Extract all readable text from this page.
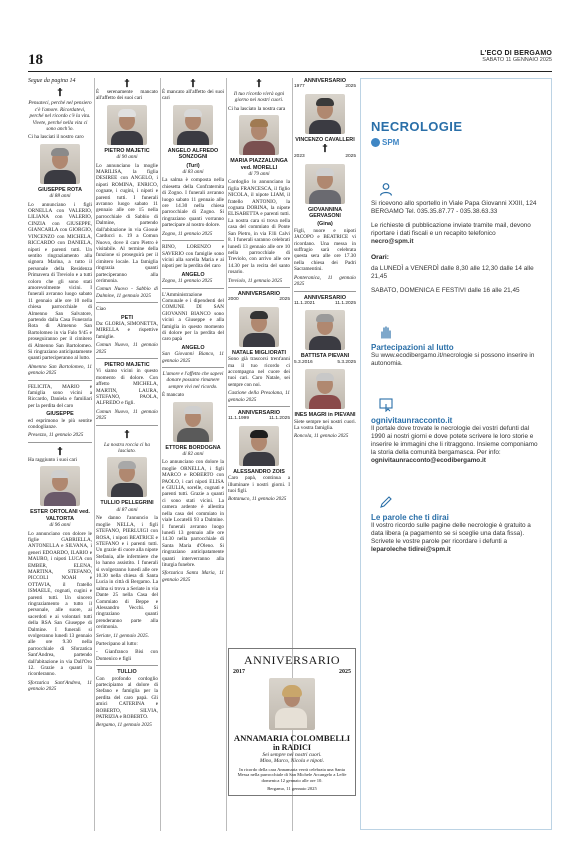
18	L'ECO DI BERGAMO
SABATO 11 GENNAIO 2025
Segue da pagina 14
†
Pensateci, perché nel pensiero c'è l'amore. Ricordatevi, perché nel ricordo c'è la vita. Vivete, perché nella vita ci sono anch'io.
Ci ha lasciati il nostro caro
GIUSEPPE ROTA
di 88 anni
Lo annunciano i figli ORNELLA con VALERIO, LILIANA con VALERIO, CINZIA con GIUSEPPE, GIANCARLA con GIORGIO, VINCENZO con MICHELA, RICCARDO con DANIELA, nipoti e parenti tutti. Un sentito ringraziamento alla signora Marina, a tutto il personale della Residenza Primavera di Treviolo e a tutti coloro che gli sono stati amorevolmente vicini. I funerali avranno luogo sabato 11 gennaio alle ore 10 nella chiesa parrocchiale di Almenno San Salvatore, partendo dalla Casa Funeraria Rota di Almenno San Bartolomeo in via Falo 9/45 e proseguiranno per il cimitero di Almenno San Bartolomeo. Si ringraziano anticipatamente quanti parteciperanno al lutto.
Almenno San Bartolomeo, 11 gennaio 2025
FELICITA, MARIO e famiglia sono vicini a Riccardo, Daniela e familiari per la perdita del caro
GIUSEPPE
ed esprimono le più sentite condoglianze.
Presezzo, 11 gennaio 2025
†
Ha raggiunto i suoi cari
ESTER ORTOLANI ved. VALTORTA
di 96 anni
Lo annunciano con dolore le figlie GABRIELLA, ANTONELLA e SILVANA, i generi EDOARDO, ILARIO e MAURO, i nipoti LUCA con EMBER, ELENA, MARTINA, STEFANO, PICCOLI NOAH e OTTAVIA, il fratello ISMAELE, cognati, cugini e parenti tutti. Un sincero ringraziamento a tutto il personale, alle suore, ai sacerdoti e ai volontari tutti della RSA San Giuseppe di Dalmine. I funerali si svolgeranno lunedì 13 gennaio alle ore 9.30 nella parrocchiale di Sforzatica Sant'Andrea, partendo dall'abitazione in via Dall'Oro 12. Grazie a quanti la ricorderanno.
Sforzatica Sant'Andrea, 11 gennaio 2025
†
È serenamente mancato all'affetto dei suoi cari
PIETRO MAJETIC
di 90 anni
Lo annunciano la moglie MARILISA, la figlia DESIREE con ANGELO, i nipoti ROMINA, ENRICO, cognate, i cugini, i nipoti e parenti tutti. I funerali avranno luogo sabato 11 gennaio alle ore 15 nella parrocchiale di Sabbio di Dalmine, partendo dall'abitazione in via Giosuè Carducci n. 19 a Comun Nuovo, dove il caro Pietro è visitabile. Al termine della funzione si proseguirà per il cimitero locale. La famiglia ringrazia quanti parteciperanno alla cerimonia.
Comun Nuovo - Sabbio di Dalmine, 11 gennaio 2025
Ciao
PETI
Da: GLORIA, SIMONETTA, MIRELLA e rispettive famiglie.
Comun Nuovo, 11 gennaio 2025
PIETRO MAJETIC
Vi siamo vicini in questo momento di dolore. Con affetto MICHELA, MARTIN, LAURA, STEFANO, PAOLA, ALFREDO e figli.
Comun Nuovo, 11 gennaio 2025
†
La nostra roccia ci ha lasciato.
TULLIO PELLEGRINI
di 87 anni
Ne danno l'annuncio la moglie NELLA, i figli STEFANO, PIERLUIGI con ROSA, i nipoti BEATRICE e STEFANO e i parenti tutti. Un grazie di cuore alla nipote Stefania, alle infermiere che lo hanno assistito. I funerali si svolgeranno lunedì alle ore 10.30 nella chiesa di Santa Lucia in città di Bergamo. La salma si trova a Seriate in via Dante 25 nella Casa del Commiato di Beppe e Alessandro Vecchi. Si ringraziano quanti prenderanno parte alla cerimonia.
Seriate, 11 gennaio 2025.
Partecipano al lutto:
- Gianfranco Bisi con Domenico e figli
TULLIO
Con profondo cordoglio partecipiamo al dolore di Stefano e famiglia per la perdita del caro papà. Gli amici CATERINA e ROBERTO, SILVIA, PATRIZIA e ROBERTO.
Bergamo, 11 gennaio 2025
†
È mancato all'affetto dei suoi cari
ANGELO ALFREDO SONZOGNI
(Turi)
di 83 anni
La salma è composta nella chiesetta della Confraternita di Zogno. I funerali avranno luogo sabato 11 gennaio alle ore 14.30 nella chiesa parrocchiale di Zogno. Si ringraziano quanti vorranno partecipare al nostro dolore.
Zogno, 11 gennaio 2025
RINO, LORENZO e SAVERIO con famiglie sono vicini alla sorella Maria e ai nipoti per la perdita del caro
ANGELO
Zogno, 11 gennaio 2025
L'Amministrazione Comunale e i dipendenti del COMUNE DI SAN GIOVANNI BIANCO sono vicini a Giuseppe e alla famiglia in questo momento di dolore per la perdita del caro papà
ANGELO
San Giovanni Bianco, 11 gennaio 2025
L'amore e l'affetto che sapevi donare possano rimanere sempre vivi nel ricordo.
È mancato
ETTORE BORDOGNA
di 82 anni
Lo annunciano con dolore la moglie ORNELLA, i figli MARCO e ROBERTO con PAOLO, i cari nipoti ELISA e GIULIA, sorelle, cognati e parenti tutti. Grazie a quanti ci sono stati vicini. La camera ardente è allestita nella casa del commiato in viale Locatelli 93 a Dalmine. I funerali avranno luogo lunedì 13 gennaio alle ore 14.30 nella parrocchiale di Santa Maria d'Oleno. Si ringraziano anticipatamente quanti interverranno alla liturgia funebre.
Sforzatica Santa Maria, 11 gennaio 2025
†
Il tuo ricordo vivrà ogni giorno nei nostri cuori.
Ci ha lasciato la nostra cara
MARIA PIAZZALUNGA ved. MORELLI
di 79 anni
Cordoglio lo annunciano la figlia FRANCESCA, il figlio NICOLA, il nipote LIAM, il fratello ANTONIO, la cognata DORINA, la nipote ELISABETTA e parenti tutti. La nostra cara si trova nella casa del commiato di Ponte San Pietro, in via F.lli Calvi 8. I funerali saranno celebrati lunedì 13 gennaio alle ore 10 nella parrocchiale di Treviolo, con arrivo alle ore 14.30 per la recita del santo rosario.
Treviolo, 11 gennaio 2025
ANNIVERSARIO
2000	2025
NATALE MIGLIORATI
Sono già trascorsi trent'anni ma il tuo ricordo ci accompagna nel cuore dei tuoi cari. Caro Natale, sei sempre con noi.
Castione della Presolana, 11 gennaio 2025
ANNIVERSARIO
11.1.1999	11.1.2025
ALESSANDRO ZOIS
Caro papà, continua a illuminare i nostri giorni. I tuoi figli.
Bottanuco, 11 gennaio 2025
ANNIVERSARIO
1977	2025
VINCENZO CAVALLERI
†
2023	2025
GIOVANNINA GERVASONI
(Gina)
Figli, nuore e nipoti JACOPO e BEATRICE vi ricordano. Una messa in suffragio sarà celebrata questa sera alle ore 17.30 nella chiesa dei Padri Sacramentini.
Ponteranica, 11 gennaio 2025
ANNIVERSARIO
11.1.2021	11.1.2025
BATTISTA PIEVANI
5.3.2016	5.3.2025
INES MAGRI in PIEVANI
Siete sempre nei nostri cuori. La vostra famiglia.
Roncola, 11 gennaio 2025
ANNIVERSARIO
2017	2025
ANNAMARIA COLOMBELLI
in RADICI
Sei sempre nei nostri cuori.
Mino, Marco, Nicola e nipoti.
In ricordo della cara Annamaria verrà celebrata una Santa Messa nella parrocchiale di San Michele Arcangelo a Leffe domenica 12 gennaio alle ore 10.
Bergamo, 11 gennaio 2025
NECROLOGIE
SPM
Si ricevono allo sportello in Viale Papa Giovanni XXIII, 124 BERGAMO Tel. 035.35.87.77 - 035.38.63.33
Le richieste di pubblicazione inviate tramite mail, devono riportare i dati fiscali e un recapito telefonico
necro@spm.it
Orari:
da LUNEDÌ a VENERDÌ dalle 8,30 alle 12,30 dalle 14 alle 21,45
SABATO, DOMENICA E FESTIVI dalle 16 alle 21,45
Partecipazioni al lutto
Su www.ecodibergamo.it/necrologie si possono inserire in autonomia.
ognivitaunracconto.it
Il portale dove trovate le necrologie dei vostri defunti dal 1990 ai nostri giorni e dove potete scrivere le loro storie e inserire le immagini che li ritraggono. Insieme componiamo la storia della comunità bergamasca. Per info:
ognivitaunracconto@ecodibergamo.it
Le parole che ti dirai
Il vostro ricordo sulle pagine delle necrologie è gratuito a data libera (a pagamento se si sceglie una data fissa). Scrivete le vostre parole per ricordare i defunti a leparoleche tidirei@spm.it
